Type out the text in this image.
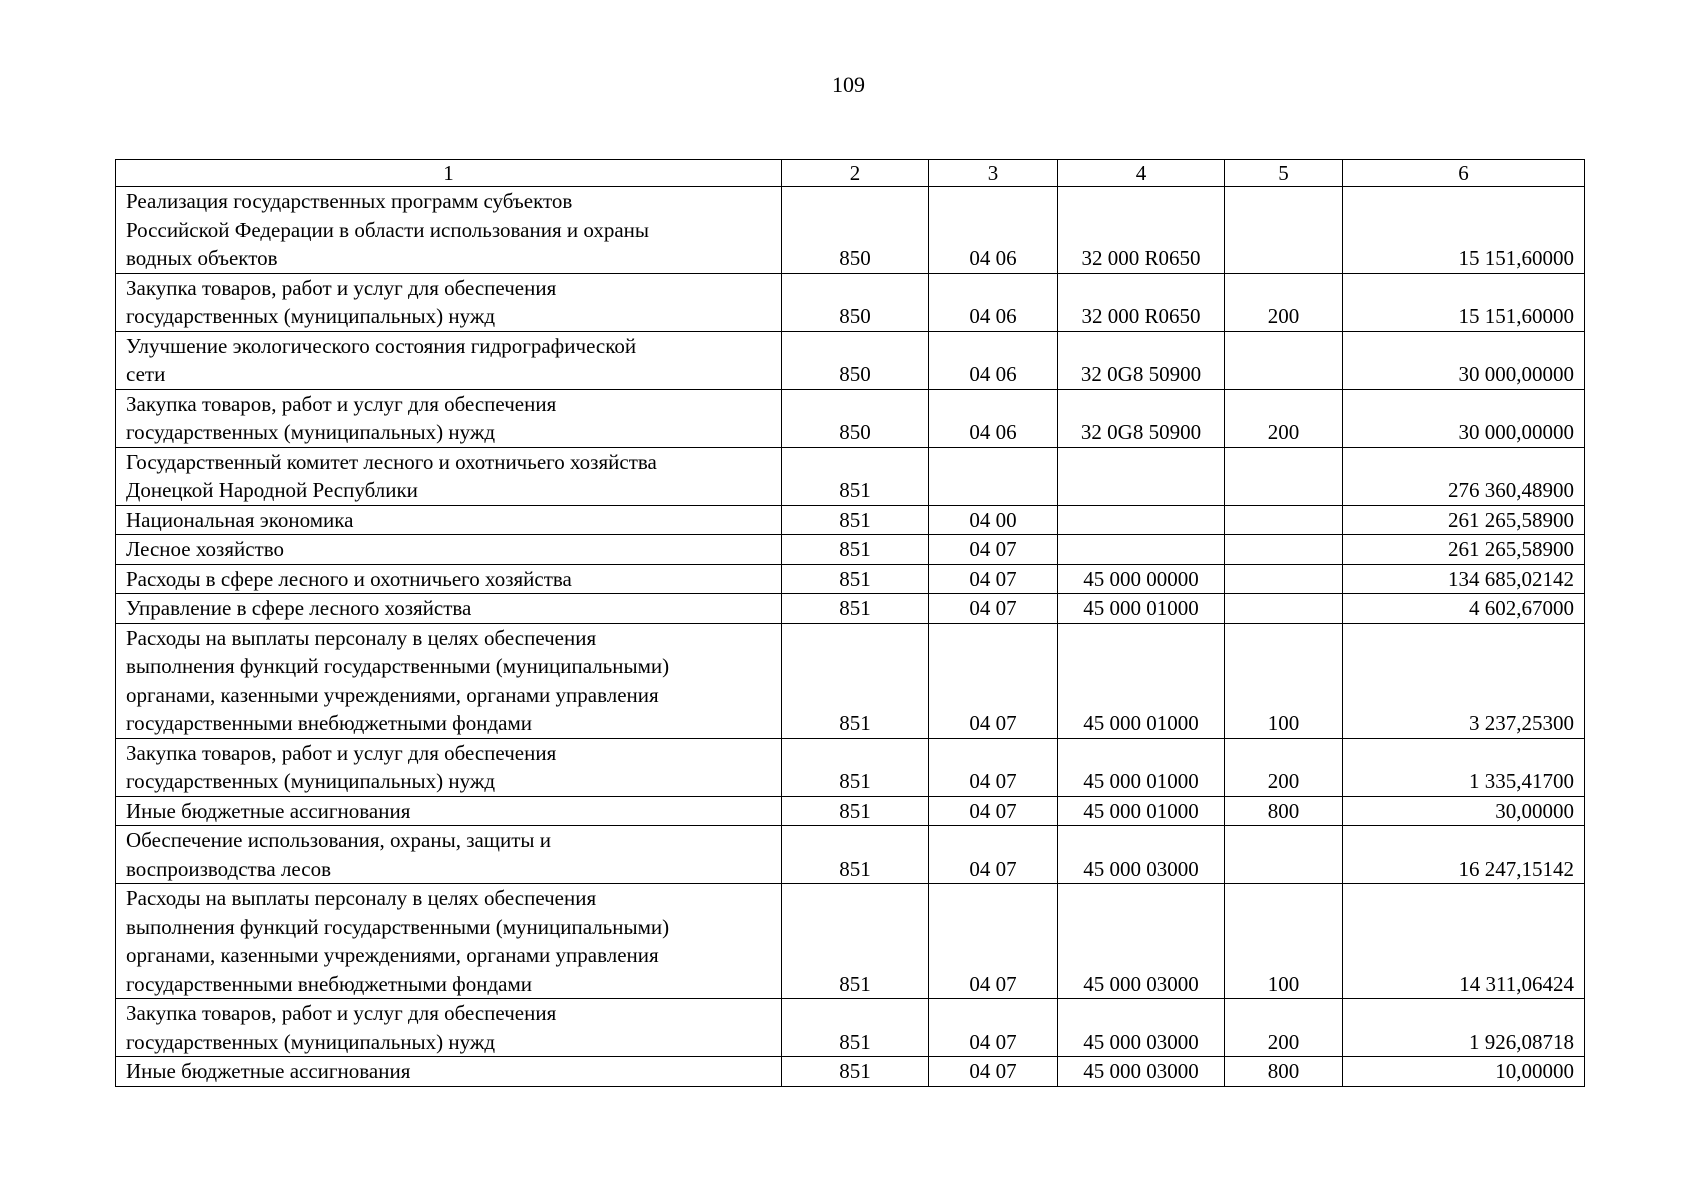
109
1	2	3	4	5	6

Реализация государственных программ субъектов
Российской Федерации в области использования и охраны
водных объектов	850	04 06	32 000 R0650		15 151,60000

Закупка товаров, работ и услуг для обеспечения
государственных (муниципальных) нужд	850	04 06	32 000 R0650	200	15 151,60000

Улучшение экологического состояния гидрографической
сети	850	04 06	32 0G8 50900		30 000,00000

Закупка товаров, работ и услуг для обеспечения
государственных (муниципальных) нужд	850	04 06	32 0G8 50900	200	30 000,00000

Государственный комитет лесного и охотничьего хозяйства
Донецкой Народной Республики	851				276 360,48900

Национальная экономика	851	04 00			261 265,58900

Лесное хозяйство	851	04 07			261 265,58900

Расходы в сфере лесного и охотничьего хозяйства	851	04 07	45 000 00000		134 685,02142

Управление в сфере лесного хозяйства	851	04 07	45 000 01000		4 602,67000

Расходы на выплаты персоналу в целях обеспечения
выполнения функций государственными (муниципальными)
органами, казенными учреждениями, органами управления
государственными внебюджетными фондами	851	04 07	45 000 01000	100	3 237,25300

Закупка товаров, работ и услуг для обеспечения
государственных (муниципальных) нужд	851	04 07	45 000 01000	200	1 335,41700

Иные бюджетные ассигнования	851	04 07	45 000 01000	800	30,00000

Обеспечение использования, охраны, защиты и
воспроизводства лесов	851	04 07	45 000 03000		16 247,15142

Расходы на выплаты персоналу в целях обеспечения
выполнения функций государственными (муниципальными)
органами, казенными учреждениями, органами управления
государственными внебюджетными фондами	851	04 07	45 000 03000	100	14 311,06424

Закупка товаров, работ и услуг для обеспечения
государственных (муниципальных) нужд	851	04 07	45 000 03000	200	1 926,08718

Иные бюджетные ассигнования	851	04 07	45 000 03000	800	10,00000
